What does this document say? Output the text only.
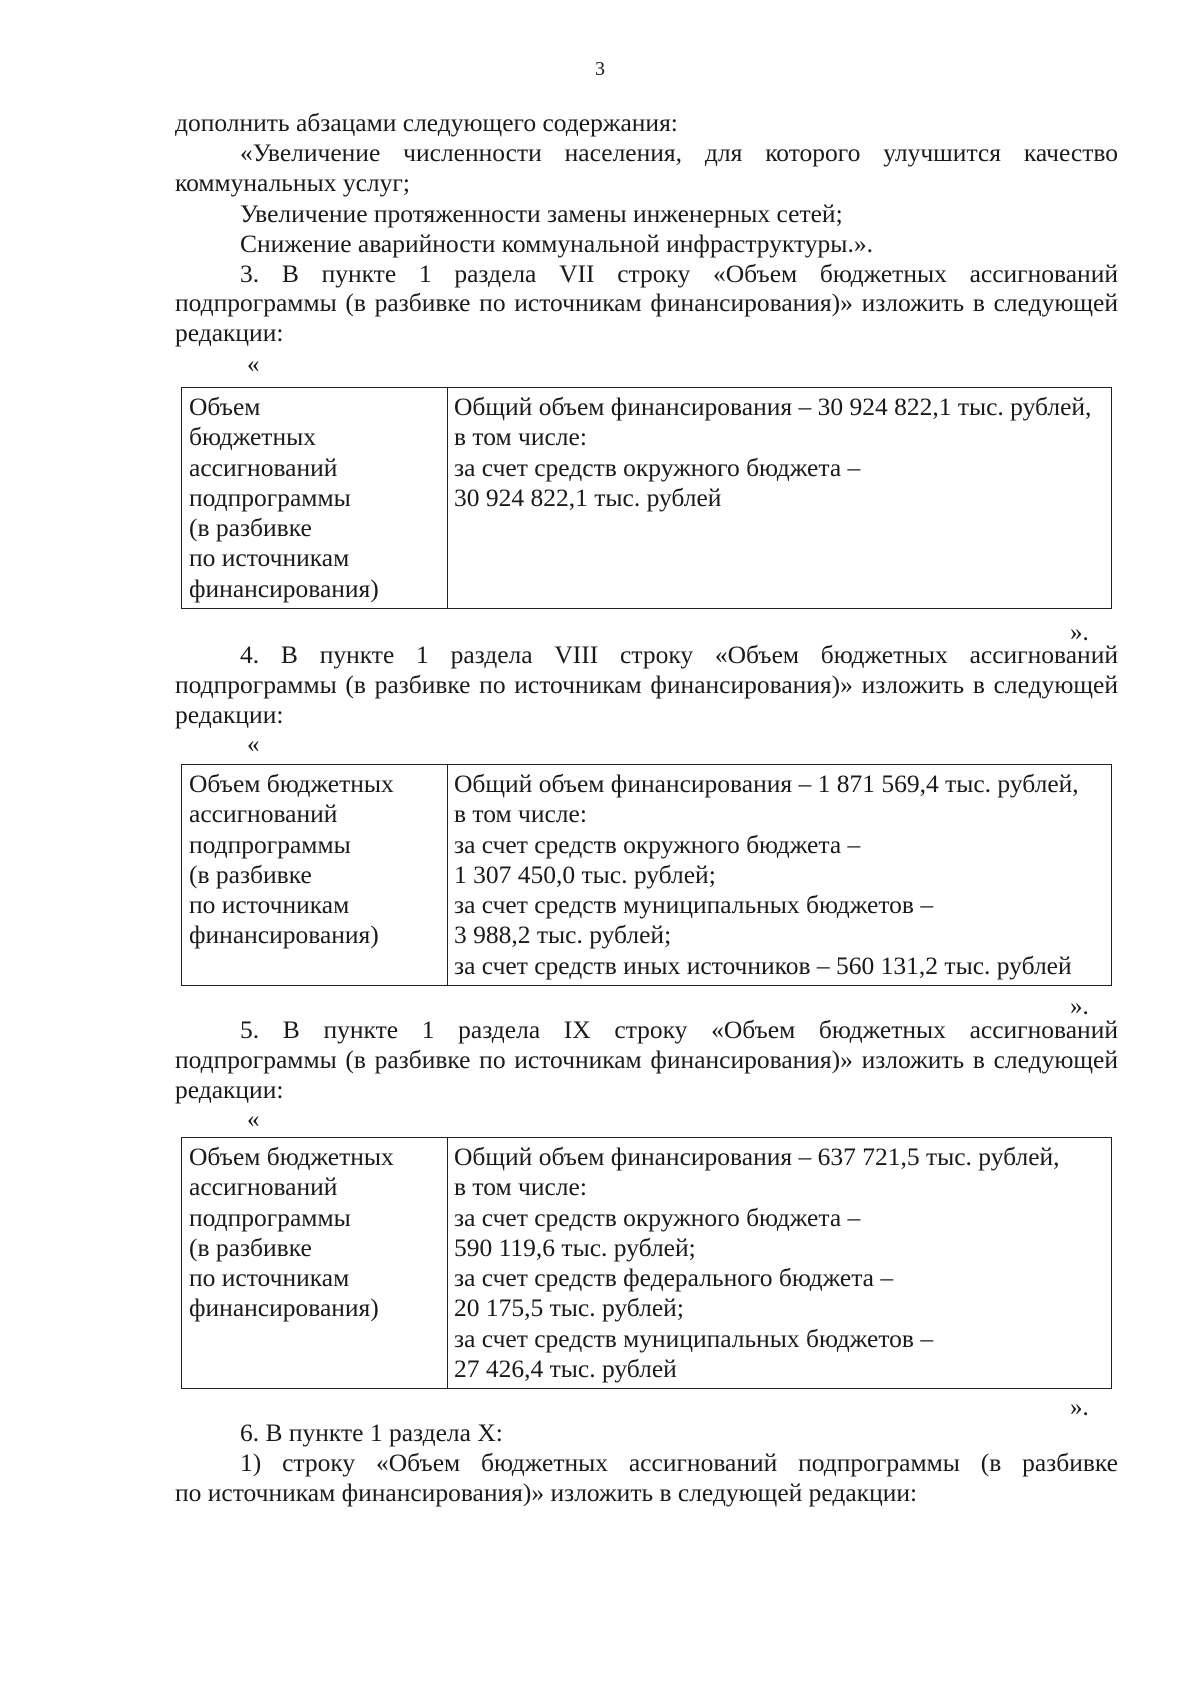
3
дополнить абзацами следующего содержания:
«Увеличение численности населения, для которого улучшится качество
коммунальных услуг;
Увеличение протяженности замены инженерных сетей;
Снижение аварийности коммунальной инфраструктуры.».
3. В пункте 1 раздела VII строку «Объем бюджетных ассигнований
подпрограммы (в разбивке по источникам финансирования)» изложить в следующей
редакции:
«
Объем
бюджетных
ассигнований
подпрограммы
(в разбивке
по источникам
финансирования)

Общий объем финансирования – 30 924 822,1 тыс. рублей,
в том числе:
за счет средств окружного бюджета –
30 924 822,1 тыс. рублей
».
4. В пункте 1 раздела VIII строку «Объем бюджетных ассигнований
подпрограммы (в разбивке по источникам финансирования)» изложить в следующей
редакции:
«
Объем бюджетных
ассигнований
подпрограммы
(в разбивке
по источникам
финансирования)

Общий объем финансирования – 1 871 569,4 тыс. рублей,
в том числе:
за счет средств окружного бюджета –
1 307 450,0 тыс. рублей;
за счет средств муниципальных бюджетов –
3 988,2 тыс. рублей;
за счет средств иных источников – 560 131,2 тыс. рублей
».
5. В пункте 1 раздела IX строку «Объем бюджетных ассигнований
подпрограммы (в разбивке по источникам финансирования)» изложить в следующей
редакции:
«
Объем бюджетных
ассигнований
подпрограммы
(в разбивке
по источникам
финансирования)

Общий объем финансирования – 637 721,5 тыс. рублей,
в том числе:
за счет средств окружного бюджета –
590 119,6 тыс. рублей;
за счет средств федерального бюджета –
20 175,5 тыс. рублей;
за счет средств муниципальных бюджетов –
27 426,4 тыс. рублей
».
6. В пункте 1 раздела X:
1) строку «Объем бюджетных ассигнований подпрограммы (в разбивке
по источникам финансирования)» изложить в следующей редакции:
